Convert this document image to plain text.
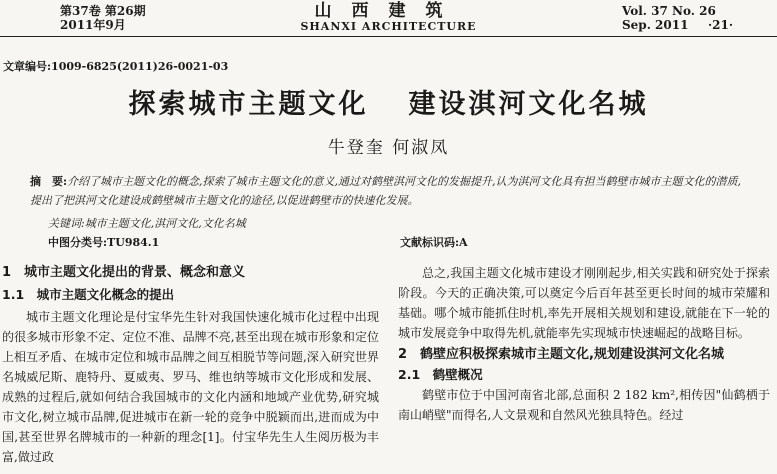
第37卷 第26期
2011年9月
山西建筑
SHANXI ARCHITECTURE
Vol. 37 No. 26
Sep. 2011	·21·
文章编号:1009-6825(2011)26-0021-03
探索城市主题文化 建设淇河文化名城
牛登奎 何淑凤
摘　要:介绍了城市主题文化的概念,探索了城市主题文化的意义,通过对鹤壁淇河文化的发掘提升,认为淇河文化具有担当鹤壁市城市主题文化的潜质,提出了把淇河文化建设成鹤壁城市主题文化的途径,以促进鹤壁市的快速化发展。
关键词:城市主题文化,淇河文化,文化名城
中图分类号:TU984.1	文献标识码:A
1　城市主题文化提出的背景、概念和意义
1.1　城市主题文化概念的提出

城市主题文化理论是付宝华先生针对我国快速化城市化过程中出现的很多城市形象不定、定位不准、品牌不亮,甚至出现在城市形象和定位上相互矛盾、在城市定位和城市品牌之间互相脱节等问题,深入研究世界名城威尼斯、鹿特丹、夏威夷、罗马、维也纳等城市文化形成和发展、成熟的过程后,就如何结合我国城市的文化内涵和地域产业优势,研究城市文化,树立城市品牌,促进城市在新一轮的竞争中脱颖而出,进而成为中国,甚至世界名牌城市的一种新的理念[1]。付宝华先生人生阅历极为丰富,做过政

总之,我国主题文化城市建设才刚刚起步,相关实践和研究处于探索阶段。今天的正确决策,可以奠定今后百年甚至更长时间的城市荣耀和基础。哪个城市能抓住时机,率先开展相关规划和建设,就能在下一轮的城市发展竞争中取得先机,就能率先实现城市快速崛起的战略目标。

2　鹤壁应积极探索城市主题文化,规划建设淇河文化名城
2.1　鹤壁概况

鹤壁市位于中国河南省北部,总面积 2 182 km²,相传因"仙鹤栖于南山峭壁"而得名,人文景观和自然风光独具特色。经过
